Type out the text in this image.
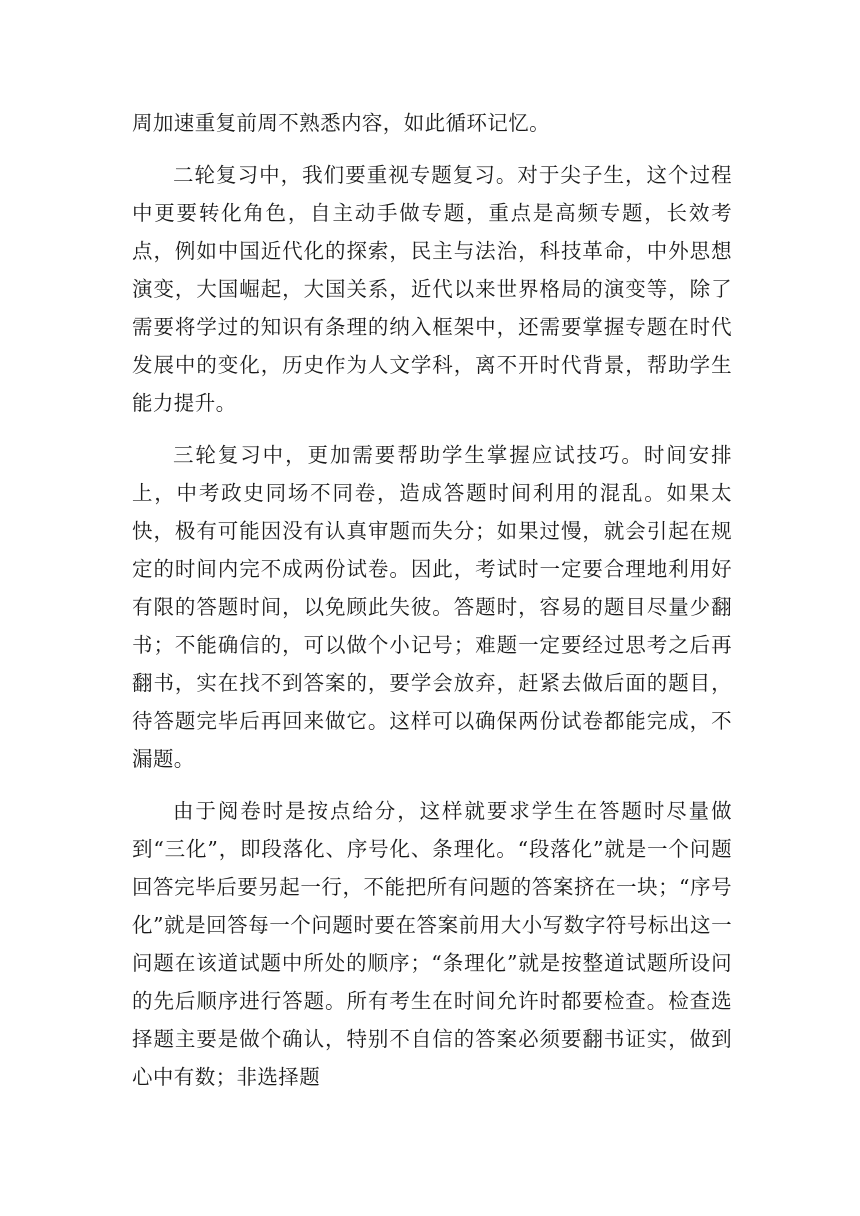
周加速重复前周不熟悉内容，如此循环记忆。

二轮复习中，我们要重视专题复习。对于尖子生，这个过程中更要转化角色，自主动手做专题，重点是高频专题，长效考点，例如中国近代化的探索，民主与法治，科技革命，中外思想演变，大国崛起，大国关系，近代以来世界格局的演变等，除了需要将学过的知识有条理的纳入框架中，还需要掌握专题在时代发展中的变化，历史作为人文学科，离不开时代背景，帮助学生能力提升。

三轮复习中，更加需要帮助学生掌握应试技巧。时间安排上，中考政史同场不同卷，造成答题时间利用的混乱。如果太快，极有可能因没有认真审题而失分；如果过慢，就会引起在规定的时间内完不成两份试卷。因此，考试时一定要合理地利用好有限的答题时间，以免顾此失彼。答题时，容易的题目尽量少翻书；不能确信的，可以做个小记号；难题一定要经过思考之后再翻书，实在找不到答案的，要学会放弃，赶紧去做后面的题目，待答题完毕后再回来做它。这样可以确保两份试卷都能完成，不漏题。

由于阅卷时是按点给分，这样就要求学生在答题时尽量做到“三化”，即段落化、序号化、条理化。“段落化”就是一个问题回答完毕后要另起一行，不能把所有问题的答案挤在一块；“序号化”就是回答每一个问题时要在答案前用大小写数字符号标出这一问题在该道试题中所处的顺序；“条理化”就是按整道试题所设问的先后顺序进行答题。所有考生在时间允许时都要检查。检查选择题主要是做个确认，特别不自信的答案必须要翻书证实，做到心中有数；非选择题
